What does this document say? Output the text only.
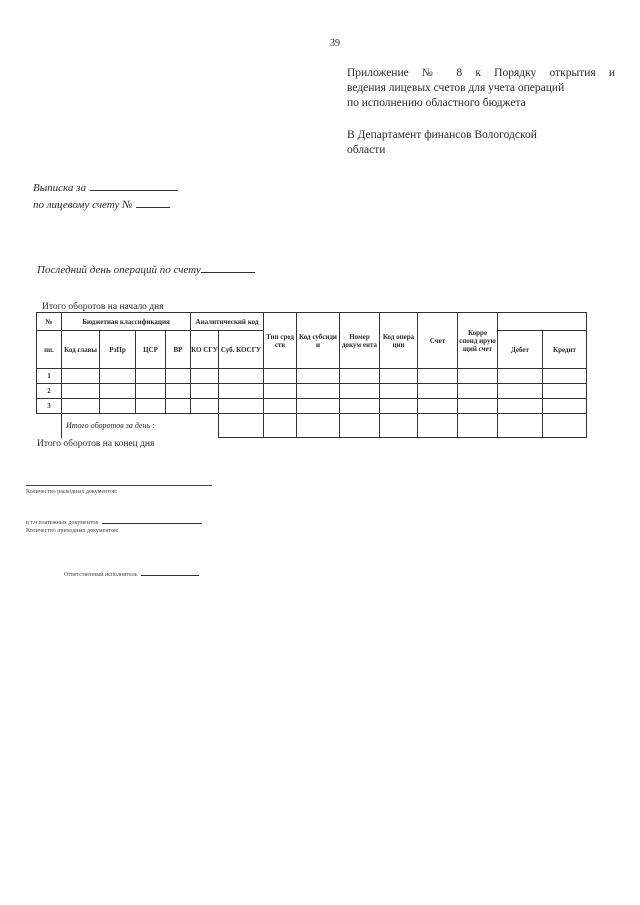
39
Приложение № 8 к Порядку открытия и
ведения лицевых счетов для учета операций
по исполнению областного бюджета
В Департамент финансов Вологодской
области
Выписка за
по лицевому счету №
Последний день операций по счету
Итого оборотов на начало дня
№	Бюджетная классификация				Аналитический код		Тип сред ств	Код субсиди и	Номер докум ента	Код опера ции	Счет	Корре спонд ирую щий счет		
пп.	Код главы	РзПр	ЦСР	ВР	КО СГУ	Суб. КОСГУ							Дебет	Кредит
1														
2														
3														
	Итого оборотов за день :													
Итого оборотов на конец дня
Количество расходных документов:
в т.ч платежных документов
Количество приходных документов:
Ответственный исполнитель
